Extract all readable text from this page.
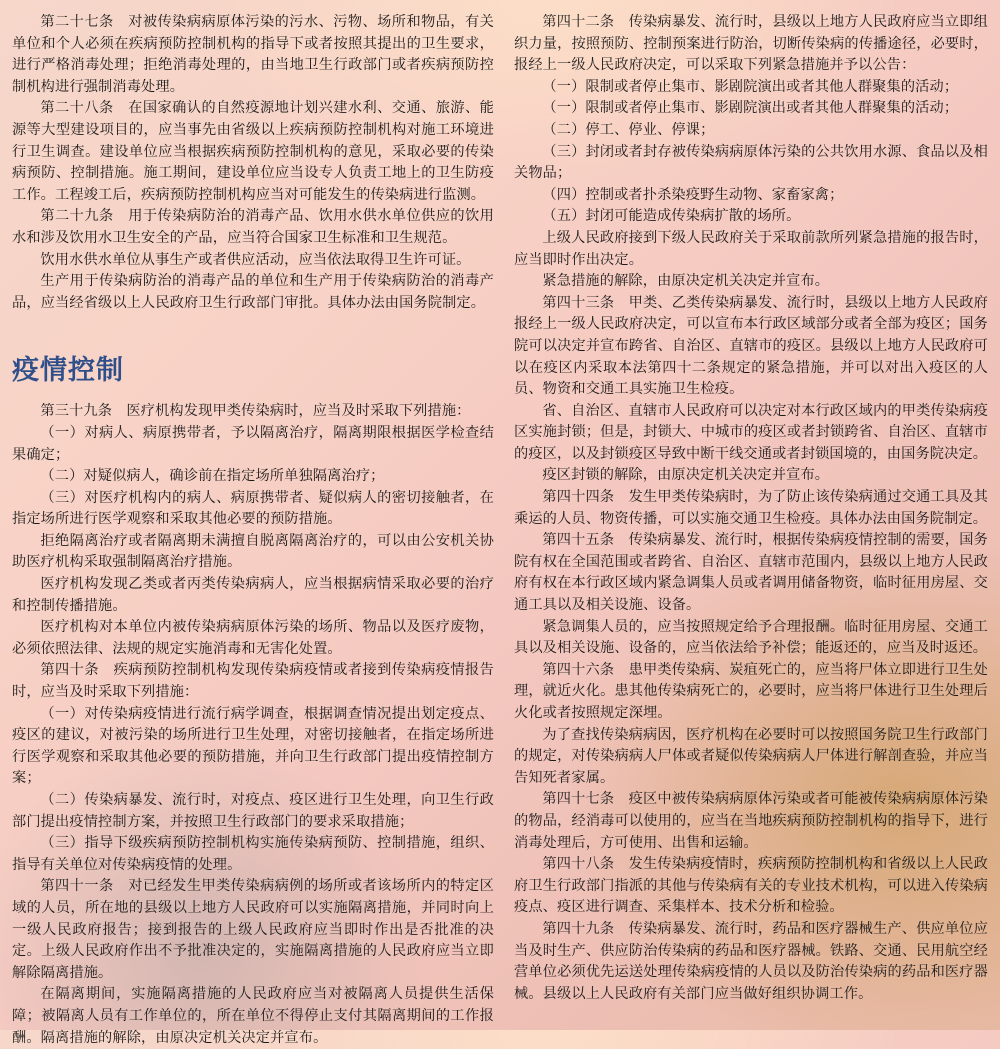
第二十七条　对被传染病病原体污染的污水、污物、场所和物品，有关单位和个人必须在疾病预防控制机构的指导下或者按照其提出的卫生要求，进行严格消毒处理；拒绝消毒处理的，由当地卫生行政部门或者疾病预防控制机构进行强制消毒处理。

第二十八条　在国家确认的自然疫源地计划兴建水利、交通、旅游、能源等大型建设项目的，应当事先由省级以上疾病预防控制机构对施工环境进行卫生调查。建设单位应当根据疾病预防控制机构的意见，采取必要的传染病预防、控制措施。施工期间，建设单位应当设专人负责工地上的卫生防疫工作。工程竣工后，疾病预防控制机构应当对可能发生的传染病进行监测。

第二十九条　用于传染病防治的消毒产品、饮用水供水单位供应的饮用水和涉及饮用水卫生安全的产品，应当符合国家卫生标准和卫生规范。

饮用水供水单位从事生产或者供应活动，应当依法取得卫生许可证。

生产用于传染病防治的消毒产品的单位和生产用于传染病防治的消毒产品，应当经省级以上人民政府卫生行政部门审批。具体办法由国务院制定。

疫情控制

第三十九条　医疗机构发现甲类传染病时，应当及时采取下列措施：

（一）对病人、病原携带者，予以隔离治疗，隔离期限根据医学检查结果确定；

（二）对疑似病人，确诊前在指定场所单独隔离治疗；

（三）对医疗机构内的病人、病原携带者、疑似病人的密切接触者，在指定场所进行医学观察和采取其他必要的预防措施。

拒绝隔离治疗或者隔离期未满擅自脱离隔离治疗的，可以由公安机关协助医疗机构采取强制隔离治疗措施。

医疗机构发现乙类或者丙类传染病病人，应当根据病情采取必要的治疗和控制传播措施。

医疗机构对本单位内被传染病病原体污染的场所、物品以及医疗废物，必须依照法律、法规的规定实施消毒和无害化处置。

第四十条　疾病预防控制机构发现传染病疫情或者接到传染病疫情报告时，应当及时采取下列措施：

（一）对传染病疫情进行流行病学调查，根据调查情况提出划定疫点、疫区的建议，对被污染的场所进行卫生处理，对密切接触者，在指定场所进行医学观察和采取其他必要的预防措施，并向卫生行政部门提出疫情控制方案；

（二）传染病暴发、流行时，对疫点、疫区进行卫生处理，向卫生行政部门提出疫情控制方案，并按照卫生行政部门的要求采取措施；

（三）指导下级疾病预防控制机构实施传染病预防、控制措施，组织、指导有关单位对传染病疫情的处理。

第四十一条　对已经发生甲类传染病病例的场所或者该场所内的特定区域的人员，所在地的县级以上地方人民政府可以实施隔离措施，并同时向上一级人民政府报告；接到报告的上级人民政府应当即时作出是否批准的决定。上级人民政府作出不予批准决定的，实施隔离措施的人民政府应当立即解除隔离措施。

在隔离期间，实施隔离措施的人民政府应当对被隔离人员提供生活保障；被隔离人员有工作单位的，所在单位不得停止支付其隔离期间的工作报酬。隔离措施的解除，由原决定机关决定并宣布。

第四十二条　传染病暴发、流行时，县级以上地方人民政府应当立即组织力量，按照预防、控制预案进行防治，切断传染病的传播途径，必要时，报经上一级人民政府决定，可以采取下列紧急措施并予以公告：

（一）限制或者停止集市、影剧院演出或者其他人群聚集的活动；

（一）限制或者停止集市、影剧院演出或者其他人群聚集的活动；

（二）停工、停业、停课；

（三）封闭或者封存被传染病病原体污染的公共饮用水源、食品以及相关物品；

（四）控制或者扑杀染疫野生动物、家畜家禽；

（五）封闭可能造成传染病扩散的场所。

上级人民政府接到下级人民政府关于采取前款所列紧急措施的报告时，应当即时作出决定。

紧急措施的解除，由原决定机关决定并宣布。

第四十三条　甲类、乙类传染病暴发、流行时，县级以上地方人民政府报经上一级人民政府决定，可以宣布本行政区域部分或者全部为疫区；国务院可以决定并宣布跨省、自治区、直辖市的疫区。县级以上地方人民政府可以在疫区内采取本法第四十二条规定的紧急措施，并可以对出入疫区的人员、物资和交通工具实施卫生检疫。

省、自治区、直辖市人民政府可以决定对本行政区域内的甲类传染病疫区实施封锁；但是，封锁大、中城市的疫区或者封锁跨省、自治区、直辖市的疫区，以及封锁疫区导致中断干线交通或者封锁国境的，由国务院决定。

疫区封锁的解除，由原决定机关决定并宣布。

第四十四条　发生甲类传染病时，为了防止该传染病通过交通工具及其乘运的人员、物资传播，可以实施交通卫生检疫。具体办法由国务院制定。

第四十五条　传染病暴发、流行时，根据传染病疫情控制的需要，国务院有权在全国范围或者跨省、自治区、直辖市范围内，县级以上地方人民政府有权在本行政区域内紧急调集人员或者调用储备物资，临时征用房屋、交通工具以及相关设施、设备。

紧急调集人员的，应当按照规定给予合理报酬。临时征用房屋、交通工具以及相关设施、设备的，应当依法给予补偿；能返还的，应当及时返还。

第四十六条　患甲类传染病、炭疽死亡的，应当将尸体立即进行卫生处理，就近火化。患其他传染病死亡的，必要时，应当将尸体进行卫生处理后火化或者按照规定深埋。

为了查找传染病病因，医疗机构在必要时可以按照国务院卫生行政部门的规定，对传染病病人尸体或者疑似传染病病人尸体进行解剖查验，并应当告知死者家属。

第四十七条　疫区中被传染病病原体污染或者可能被传染病病原体污染的物品，经消毒可以使用的，应当在当地疾病预防控制机构的指导下，进行消毒处理后，方可使用、出售和运输。

第四十八条　发生传染病疫情时，疾病预防控制机构和省级以上人民政府卫生行政部门指派的其他与传染病有关的专业技术机构，可以进入传染病疫点、疫区进行调查、采集样本、技术分析和检验。

第四十九条　传染病暴发、流行时，药品和医疗器械生产、供应单位应当及时生产、供应防治传染病的药品和医疗器械。铁路、交通、民用航空经营单位必须优先运送处理传染病疫情的人员以及防治传染病的药品和医疗器械。县级以上人民政府有关部门应当做好组织协调工作。
